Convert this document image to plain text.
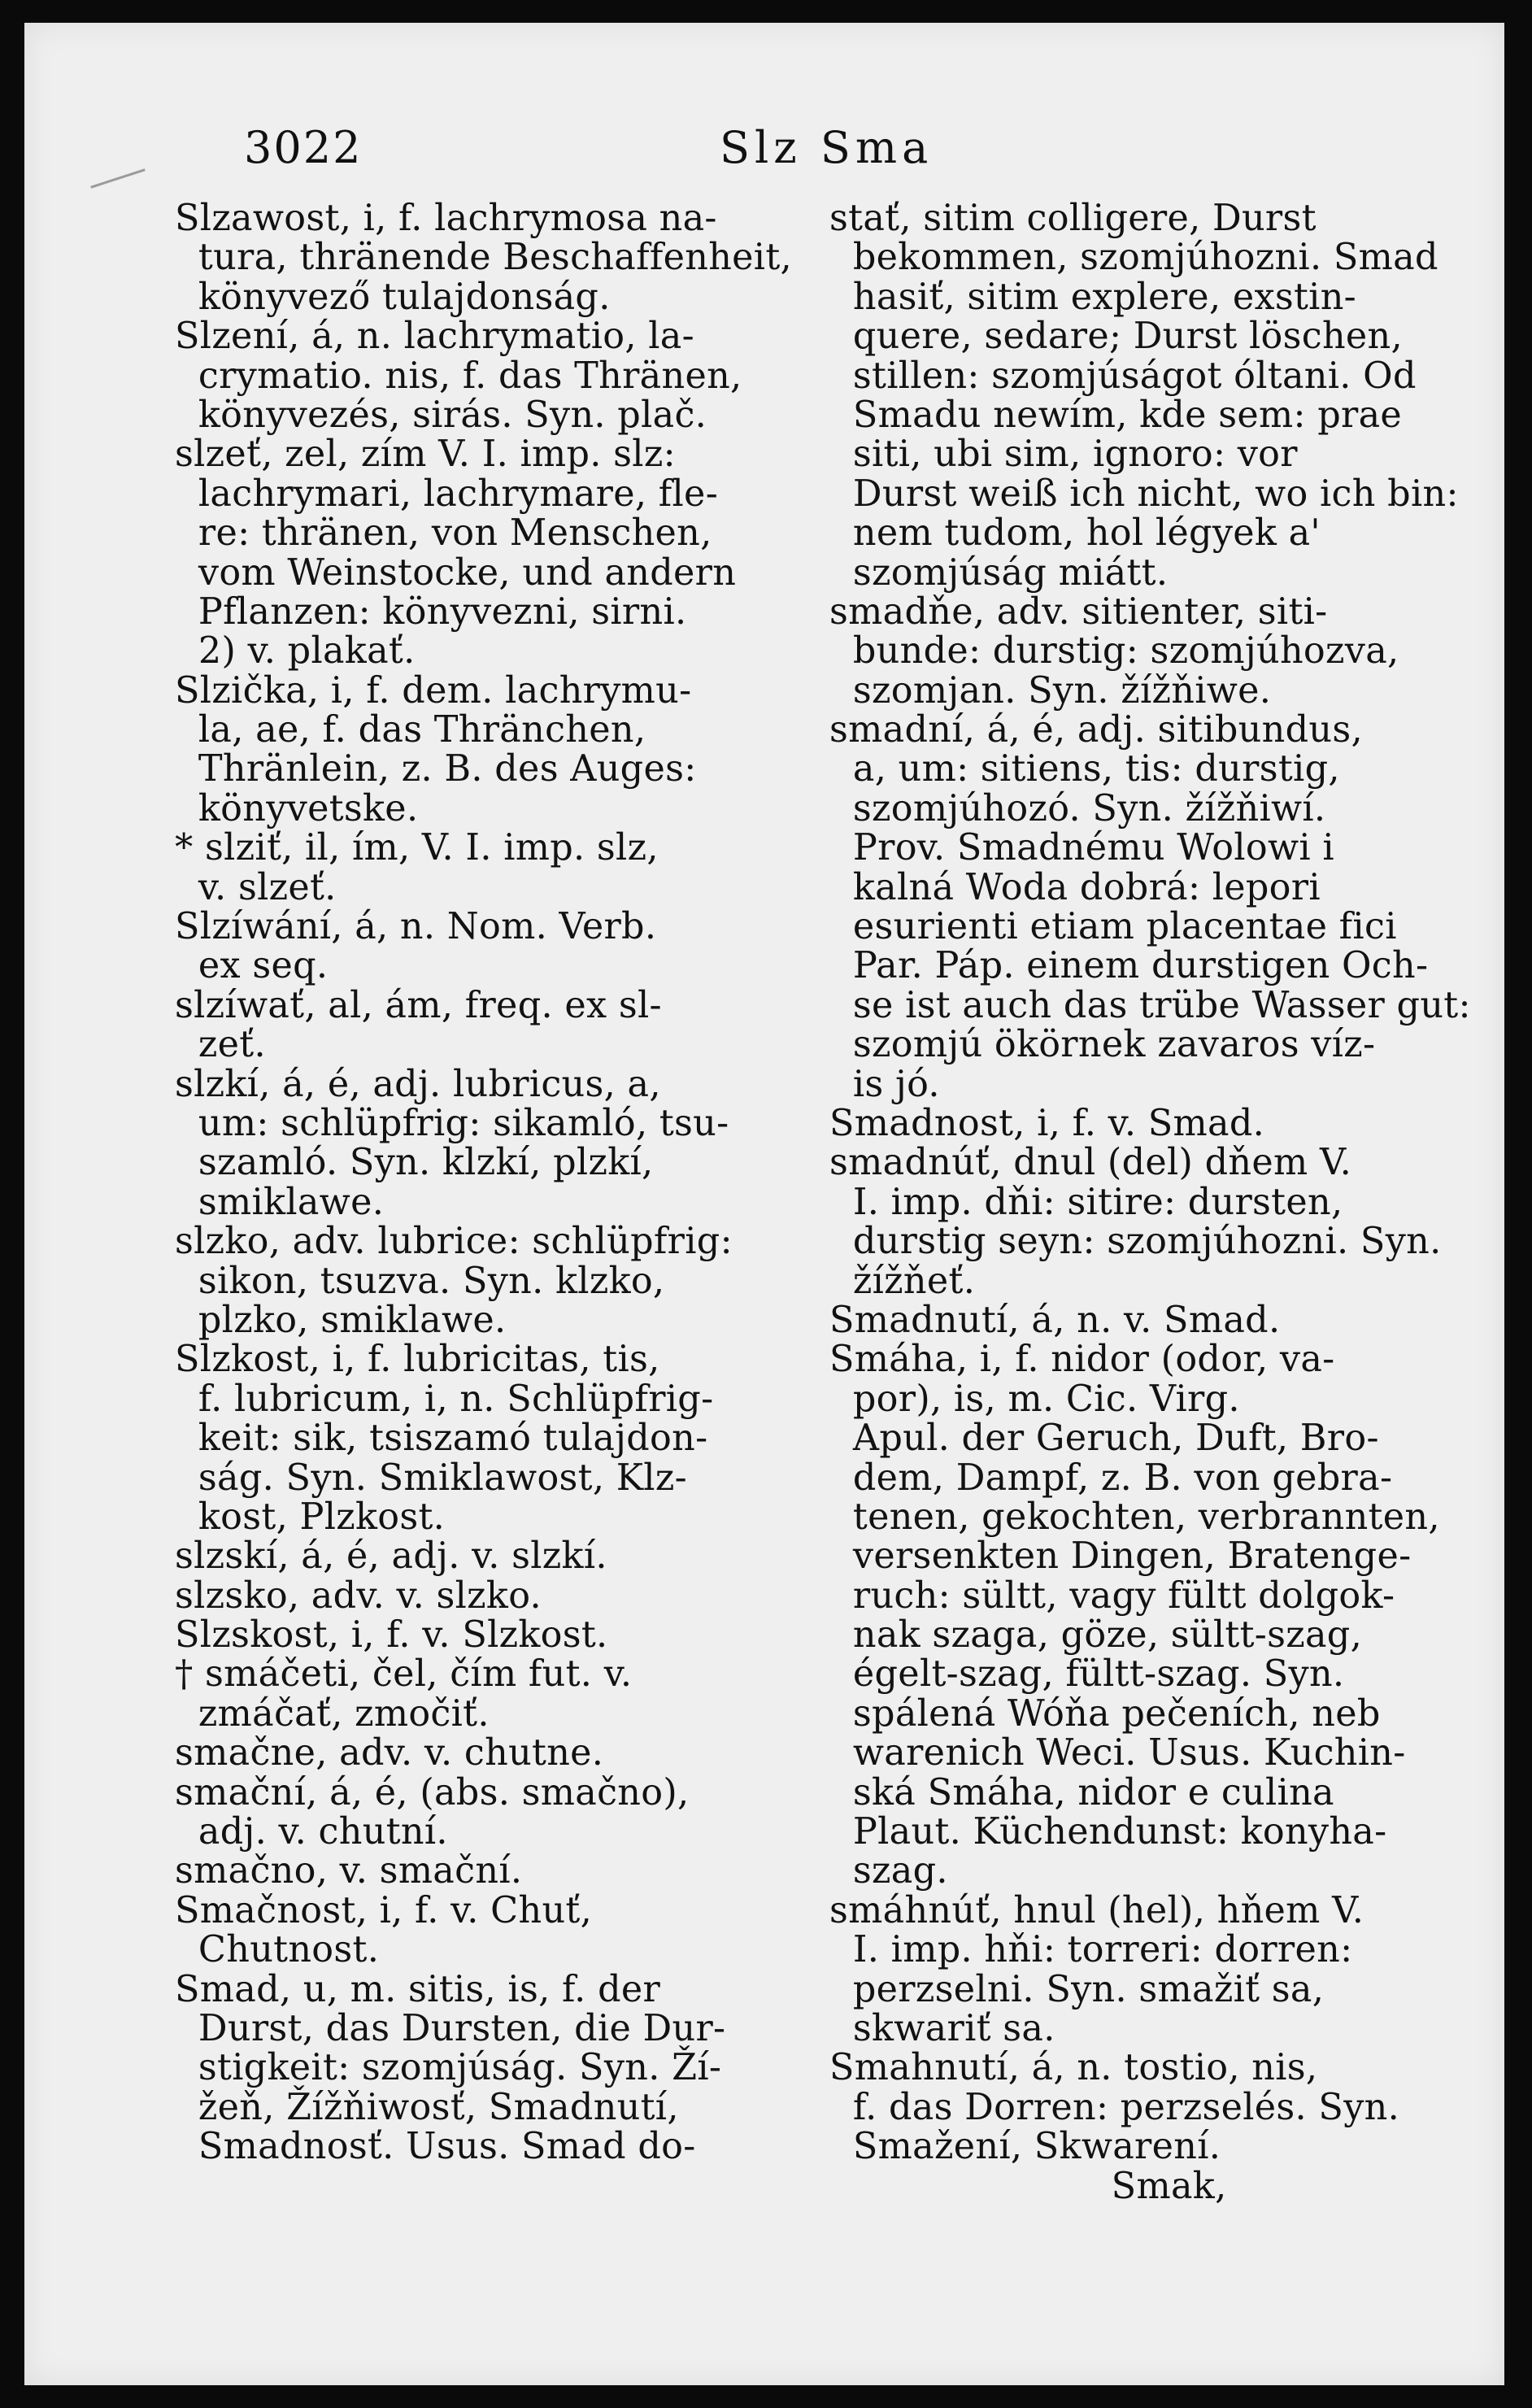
3022	Slz Sma
Slzawost, i, f. lachrymosa na-
tura, thränende Beschaffenheit,
könyvező tulajdonság.
Slzení, á, n. lachrymatio, la-
crymatio. nis, f. das Thränen,
könyvezés, sirás. Syn. plač.
slzeť, zel, zím V. I. imp. slz:
lachrymari, lachrymare, fle-
re: thränen, von Menschen,
vom Weinstocke, und andern
Pflanzen: könyvezni, sirni.
2) v. plakať.
Slzička, i, f. dem. lachrymu-
la, ae, f. das Thränchen,
Thränlein, z. B. des Auges:
könyvetske.
* slziť, il, ím, V. I. imp. slz,
v. slzeť.
Slzíwání, á, n. Nom. Verb.
ex seq.
slzíwať, al, ám, freq. ex sl-
zeť.
slzkí, á, é, adj. lubricus, a,
um: schlüpfrig: sikamló, tsu-
szamló. Syn. klzkí, plzkí,
smiklawe.
slzko, adv. lubrice: schlüpfrig:
sikon, tsuzva. Syn. klzko,
plzko, smiklawe.
Slzkost, i, f. lubricitas, tis,
f. lubricum, i, n. Schlüpfrig-
keit: sik, tsiszamó tulajdon-
ság. Syn. Smiklawost, Klz-
kost, Plzkost.
slzskí, á, é, adj. v. slzkí.
slzsko, adv. v. slzko.
Slzskost, i, f. v. Slzkost.
† smáčeti, čel, čím fut. v.
zmáčať, zmočiť.
smačne, adv. v. chutne.
smační, á, é, (abs. smačno),
adj. v. chutní.
smačno, v. smační.
Smačnost, i, f. v. Chuť,
Chutnost.
Smad, u, m. sitis, is, f. der
Durst, das Dursten, die Dur-
stigkeit: szomjúság. Syn. Ží-
žeň, Žížňiwosť, Smadnutí,
Smadnosť. Usus. Smad do-
stať, sitim colligere, Durst
bekommen, szomjúhozni. Smad
hasiť, sitim explere, exstin-
quere, sedare; Durst löschen,
stillen: szomjúságot óltani. Od
Smadu newím, kde sem: prae
siti, ubi sim, ignoro: vor
Durst weiß ich nicht, wo ich bin:
nem tudom, hol légyek a'
szomjúság miátt.
smadňe, adv. sitienter, siti-
bunde: durstig: szomjúhozva,
szomjan. Syn. žížňiwe.
smadní, á, é, adj. sitibundus,
a, um: sitiens, tis: durstig,
szomjúhozó. Syn. žížňiwí.
Prov. Smadnému Wolowi i
kalná Woda dobrá: lepori
esurienti etiam placentae fici
Par. Páp. einem durstigen Och-
se ist auch das trübe Wasser gut:
szomjú ökörnek zavaros víz-
is jó.
Smadnost, i, f. v. Smad.
smadnúť, dnul (del) dňem V.
I. imp. dňi: sitire: dursten,
durstig seyn: szomjúhozni. Syn.
žížňeť.
Smadnutí, á, n. v. Smad.
Smáha, i, f. nidor (odor, va-
por), is, m. Cic. Virg.
Apul. der Geruch, Duft, Bro-
dem, Dampf, z. B. von gebra-
tenen, gekochten, verbrannten,
versenkten Dingen, Bratenge-
ruch: sültt, vagy fültt dolgok-
nak szaga, göze, sültt-szag,
égelt-szag, fültt-szag. Syn.
spálená Wóňa pečeních, neb
warenich Weci. Usus. Kuchin-
ská Smáha, nidor e culina
Plaut. Küchendunst: konyha-
szag.
smáhnúť, hnul (hel), hňem V.
I. imp. hňi: torreri: dorren:
perzselni. Syn. smažiť sa,
skwariť sa.
Smahnutí, á, n. tostio, nis,
f. das Dorren: perzselés. Syn.
Smažení, Skwarení.
Smak,
